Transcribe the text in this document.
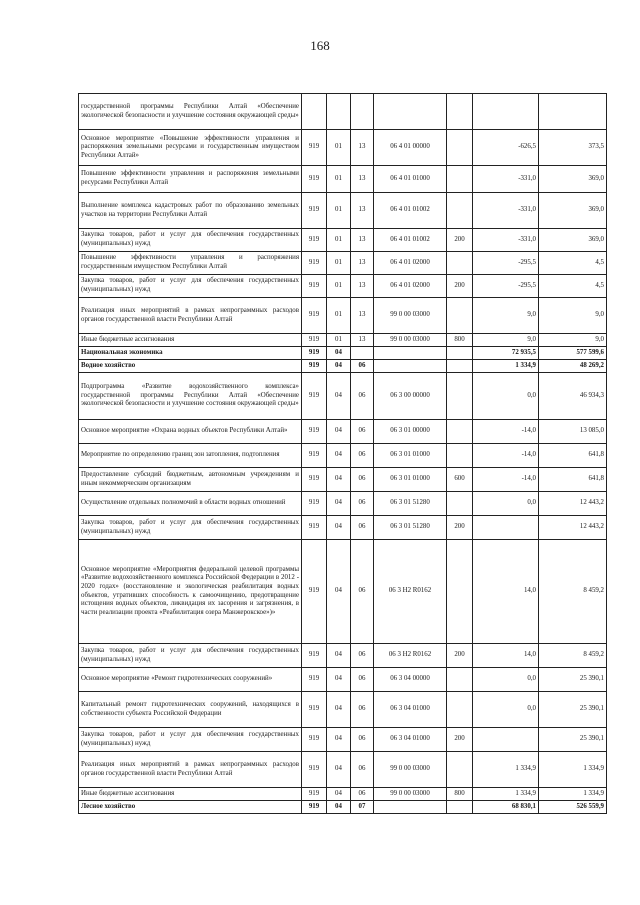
168
государственной программы Республики Алтай «Обеспечение экологической безопасности и улучшение состояния окружающей среды»							
Основное мероприятие «Повышение эффективности управления и распоряжения земельными ресурсами и государственным имуществом Республики Алтай»	919	01	13	06 4 01 00000		-626,5	373,5
Повышение эффективности управления и распоряжения земельными ресурсами Республики Алтай	919	01	13	06 4 01 01000		-331,0	369,0
Выполнение комплекса кадастровых работ по образованию земельных участков на территории Республики Алтай	919	01	13	06 4 01 01002		-331,0	369,0
Закупка товаров, работ и услуг для обеспечения государственных (муниципальных) нужд	919	01	13	06 4 01 01002	200	-331,0	369,0
Повышение эффективности управления и распоряжения государственным имуществом Республики Алтай	919	01	13	06 4 01 02000		-295,5	4,5
Закупка товаров, работ и услуг для обеспечения государственных (муниципальных) нужд	919	01	13	06 4 01 02000	200	-295,5	4,5
Реализация иных мероприятий в рамках непрограммных расходов органов государственной власти Республики Алтай	919	01	13	99 0 00 03000		9,0	9,0
Иные бюджетные ассигнования	919	01	13	99 0 00 03000	800	9,0	9,0
Национальная экономика	919	04				72 935,5	577 599,6
Водное хозяйство	919	04	06			1 334,9	48 269,2
Подпрограмма «Развитие водохозяйственного комплекса» государственной программы Республики Алтай «Обеспечение экологической безопасности и улучшение состояния окружающей среды»	919	04	06	06 3 00 00000		0,0	46 934,3
Основное мероприятие «Охрана водных объектов Республики Алтай»	919	04	06	06 3 01 00000		-14,0	13 085,0
Мероприятие по определению границ зон затопления, подтопления	919	04	06	06 3 01 01000		-14,0	641,8
Предоставление субсидий бюджетным, автономным учреждениям и иным некоммерческим организациям	919	04	06	06 3 01 01000	600	-14,0	641,8
Осуществление отдельных полномочий в области водных отношений	919	04	06	06 3 01 51280		0,0	12 443,2
Закупка товаров, работ и услуг для обеспечения государственных (муниципальных) нужд	919	04	06	06 3 01 51280	200		12 443,2
Основное мероприятие «Мероприятия федеральной целевой программы «Развитие водохозяйственного комплекса Российской Федерации в 2012 - 2020 годах» (восстановление и экологическая реабилитация водных объектов, утративших способность к самоочищению, предотвращение истощения водных объектов, ликвидация их засорения и загрязнения, в части реализации проекта «Реабилитация озера Манжерокское»)»	919	04	06	06 3 Н2 R0162		14,0	8 459,2
Закупка товаров, работ и услуг для обеспечения государственных (муниципальных) нужд	919	04	06	06 3 Н2 R0162	200	14,0	8 459,2
Основное мероприятие «Ремонт гидротехнических сооружений»	919	04	06	06 3 04 00000		0,0	25 390,1
Капитальный ремонт гидротехнических сооружений, находящихся в собственности субъекта Российской Федерации	919	04	06	06 3 04 01000		0,0	25 390,1
Закупка товаров, работ и услуг для обеспечения государственных (муниципальных) нужд	919	04	06	06 3 04 01000	200		25 390,1
Реализация иных мероприятий в рамках непрограммных расходов органов государственной власти Республики Алтай	919	04	06	99 0 00 03000		1 334,9	1 334,9
Иные бюджетные ассигнования	919	04	06	99 0 00 03000	800	1 334,9	1 334,9
Лесное хозяйство	919	04	07			68 830,1	526 559,9
